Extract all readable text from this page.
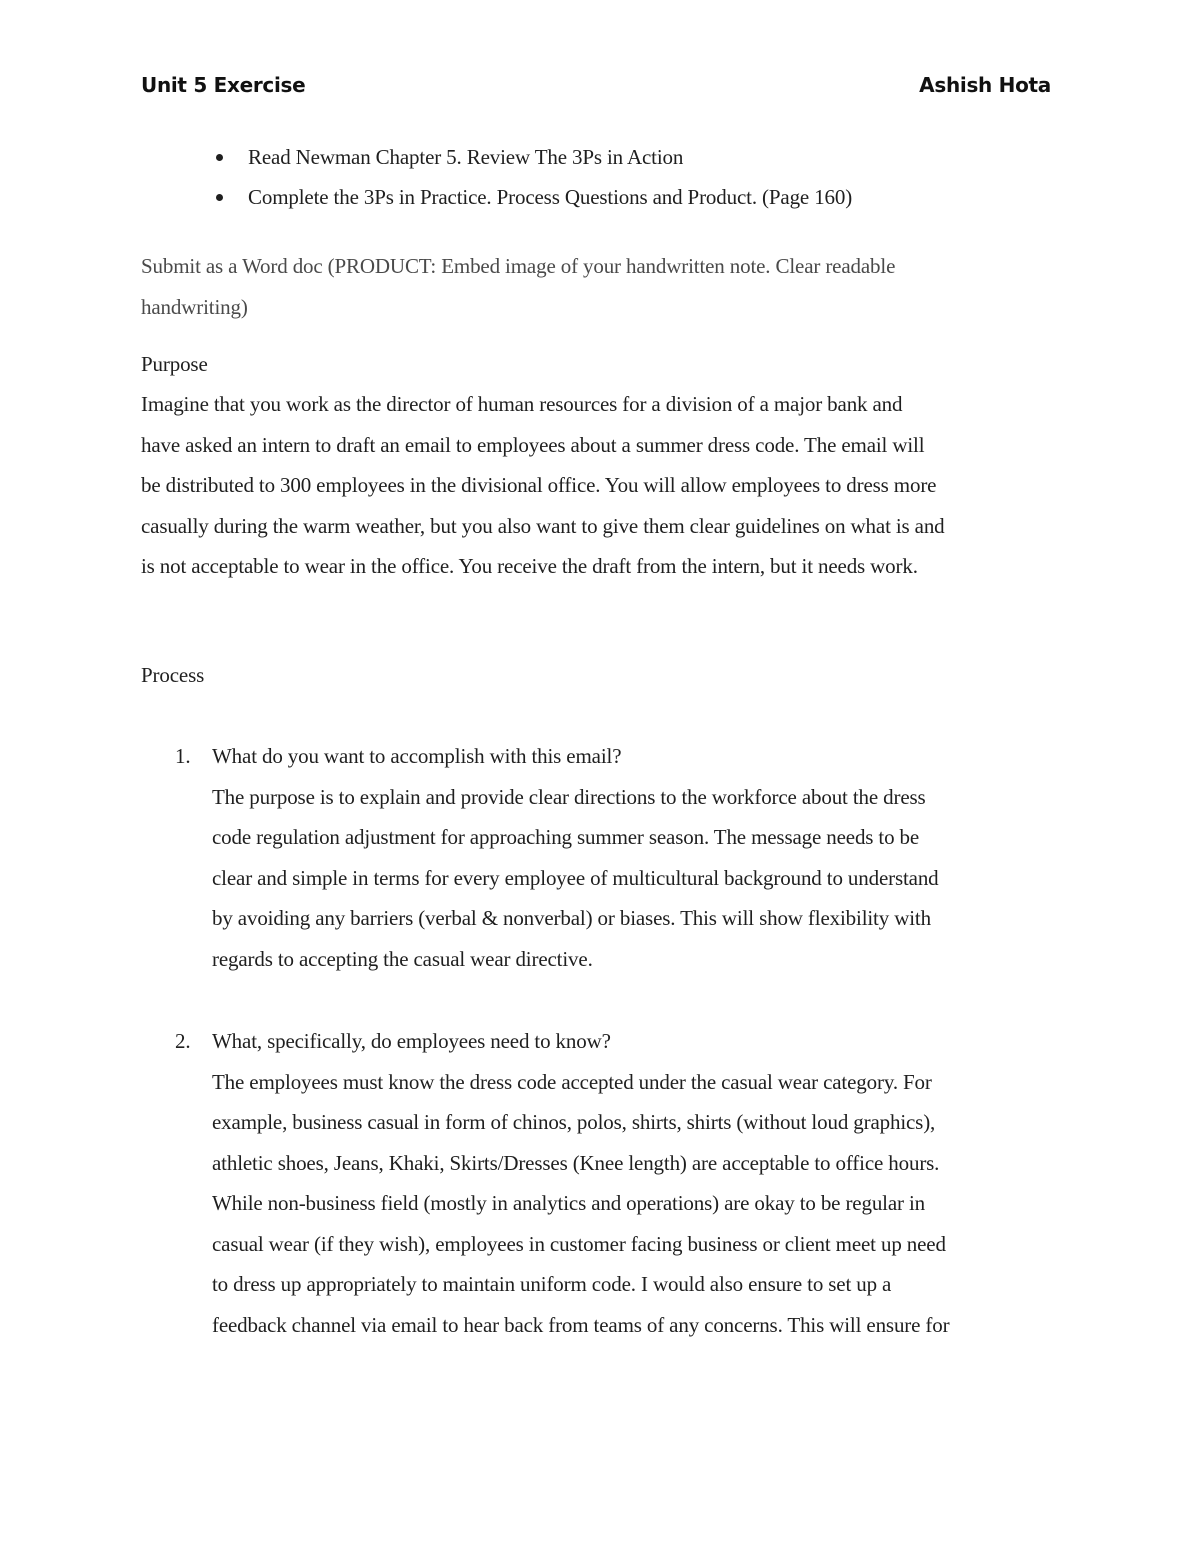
Unit 5 Exercise	Ashish Hota
Read Newman Chapter 5. Review The 3Ps in Action
Complete the 3Ps in Practice. Process Questions and Product. (Page 160)
Submit as a Word doc (PRODUCT: Embed image of your handwritten note. Clear readable
handwriting)
Purpose
Imagine that you work as the director of human resources for a division of a major bank and
have asked an intern to draft an email to employees about a summer dress code. The email will
be distributed to 300 employees in the divisional office. You will allow employees to dress more
casually during the warm weather, but you also want to give them clear guidelines on what is and
is not acceptable to wear in the office. You receive the draft from the intern, but it needs work.
Process
1. What do you want to accomplish with this email?
The purpose is to explain and provide clear directions to the workforce about the dress
code regulation adjustment for approaching summer season. The message needs to be
clear and simple in terms for every employee of multicultural background to understand
by avoiding any barriers (verbal & nonverbal) or biases. This will show flexibility with
regards to accepting the casual wear directive.
2. What, specifically, do employees need to know?
The employees must know the dress code accepted under the casual wear category. For
example, business casual in form of chinos, polos, shirts, shirts (without loud graphics),
athletic shoes, Jeans, Khaki, Skirts/Dresses (Knee length) are acceptable to office hours.
While non-business field (mostly in analytics and operations) are okay to be regular in
casual wear (if they wish), employees in customer facing business or client meet up need
to dress up appropriately to maintain uniform code. I would also ensure to set up a
feedback channel via email to hear back from teams of any concerns. This will ensure for
